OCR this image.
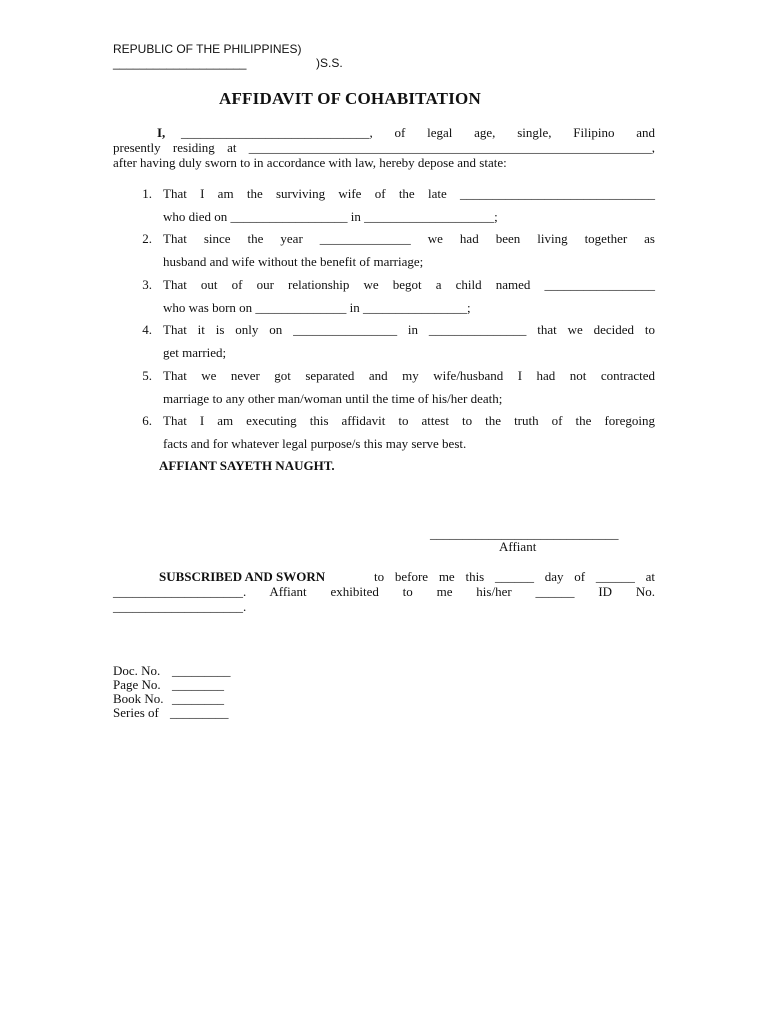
REPUBLIC OF THE PHILIPPINES)
____________________	)S.S.
AFFIDAVIT OF COHABITATION
I, _____________________________, of legal age, single, Filipino and
presently residing at ______________________________________________________________,
after having duly sworn to in accordance with law, hereby depose and state:
1. That I am the surviving wife of the late ______________________________
who died on __________________ in ____________________;
2. That since the year ______________ we had been living together as
husband and wife without the benefit of marriage;
3. That out of our relationship we begot a child named _________________
who was born on ______________ in ________________;
4. That it is only on ________________ in _______________ that we decided to
get married;
5. That we never got separated and my wife/husband I had not contracted
marriage to any other man/woman until the time of his/her death;
6. That I am executing this affidavit to attest to the truth of the foregoing
facts and for whatever legal purpose/s this may serve best.
AFFIANT SAYETH NAUGHT.
_____________________________
Affiant
SUBSCRIBED AND SWORN	to before me this ______ day of ______ at
____________________. Affiant exhibited to me his/her ______ ID No.
____________________.
Doc. No. _________
Page No. ________
Book No. ________
Series of _________
